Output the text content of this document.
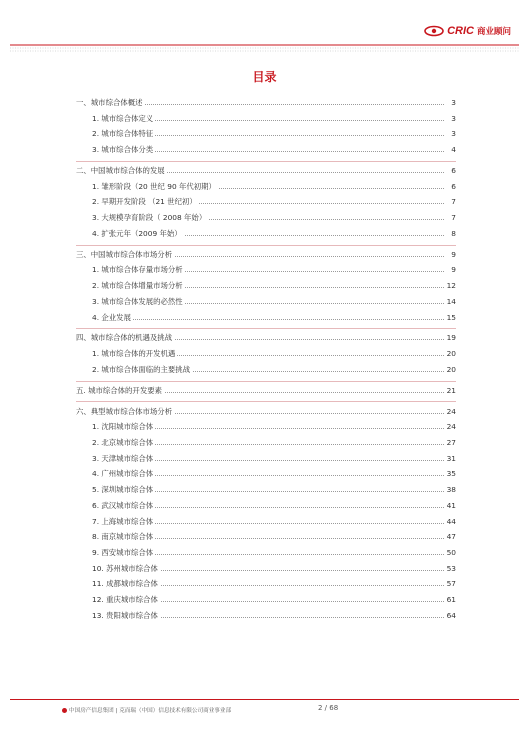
CRIC 商业顾问
目录
一、城市综合体概述	3
1. 城市综合体定义	3
2. 城市综合体特征	3
3. 城市综合体分类	4
二、中国城市综合体的发展	6
1. 雏形阶段（20 世纪 90 年代初期）	6
2. 早期开发阶段 （21 世纪初）	7
3. 大规模孕育阶段（ 2008 年始）	7
4. 扩张元年（2009 年始）	8
三、中国城市综合体市场分析	9
1. 城市综合体存量市场分析	9
2. 城市综合体增量市场分析	12
3. 城市综合体发展的必然性	14
4. 企业发展	15
四、城市综合体的机遇及挑战	19
1. 城市综合体的开发机遇	20
2. 城市综合体面临的主要挑战	20
五. 城市综合体的开发要素	21
六、典型城市综合体市场分析	24
1. 沈阳城市综合体	24
2. 北京城市综合体	27
3. 天津城市综合体	31
4. 广州城市综合体	35
5. 深圳城市综合体	38
6. 武汉城市综合体	41
7. 上海城市综合体	44
8. 南京城市综合体	47
9. 西安城市综合体	50
10. 苏州城市综合体	53
11. 成都城市综合体	57
12. 重庆城市综合体	61
13. 贵阳城市综合体	64
中国房产信息集团 | 克而瑞（中国）信息技术有限公司商业事业部	2 / 68
